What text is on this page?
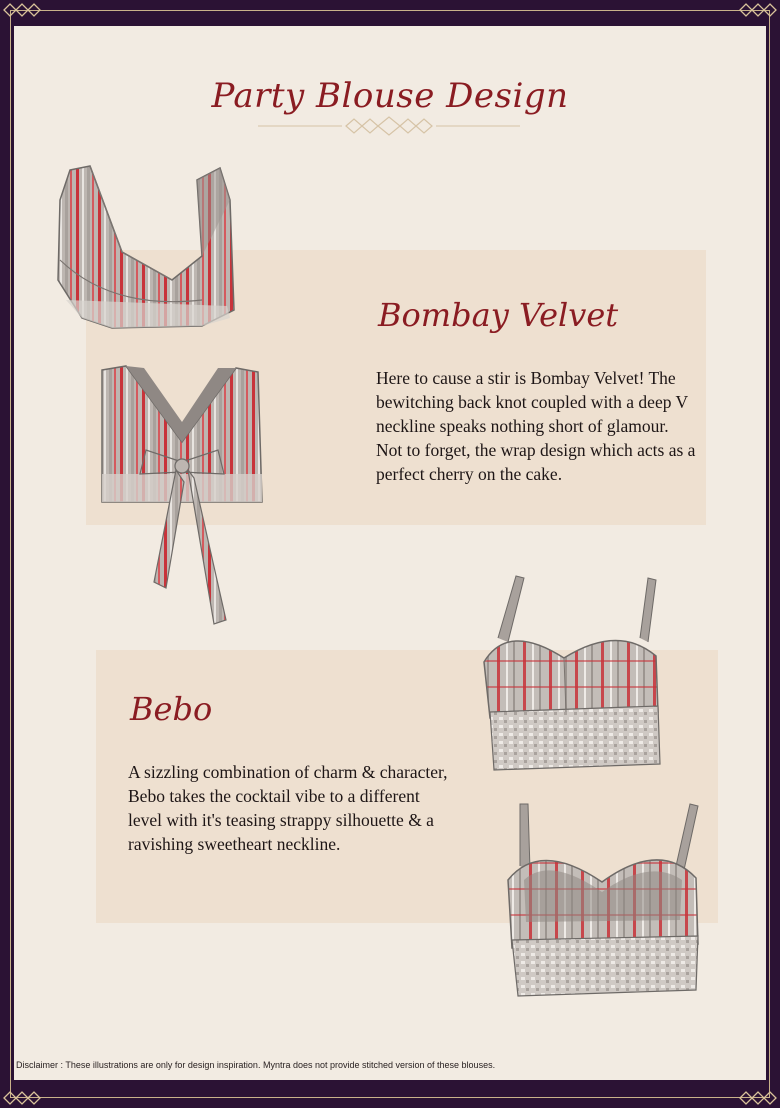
Party Blouse Design
Bombay Velvet
Here to cause a stir is Bombay Velvet! The bewitching back knot coupled with a deep V neckline speaks nothing short of glamour. Not to forget, the wrap design which acts as a perfect cherry on the cake.
Bebo
A sizzling combination of charm & character, Bebo takes the cocktail vibe to a different level with it's teasing strappy silhouette & a ravishing sweetheart neckline.
Disclaimer : These illustrations are only for design inspiration. Myntra does not provide stitched version of these blouses.
